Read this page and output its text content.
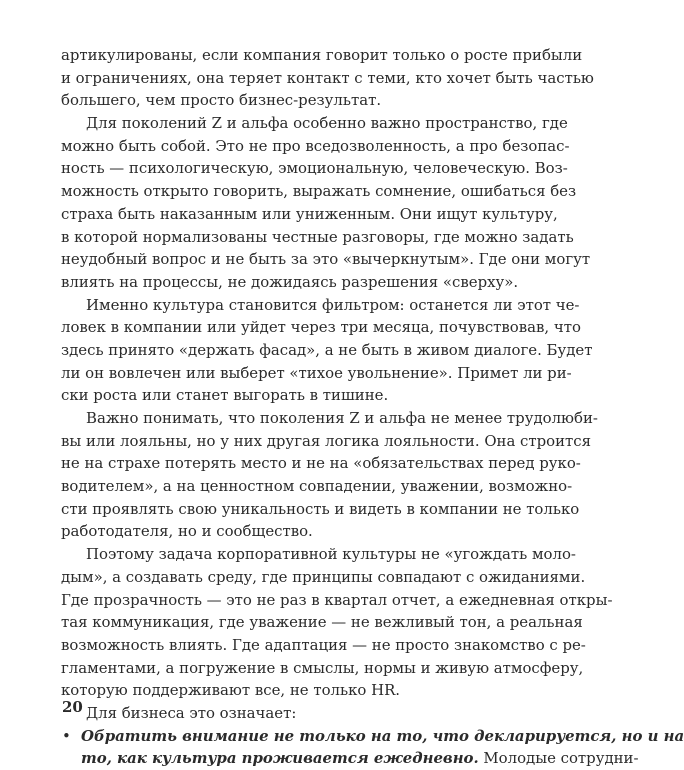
артикулированы, если компания говорит только о росте прибыли
и ограничениях, она теряет контакт с теми, кто хочет быть частью
большего, чем просто бизнес-результат.
Для поколений Z и альфа особенно важно пространство, где
можно быть собой. Это не про вседозволенность, а про безопас-
ность — психологическую, эмоциональную, человеческую. Воз-
можность открыто говорить, выражать сомнение, ошибаться без
страха быть наказанным или униженным. Они ищут культуру,
в которой нормализованы честные разговоры, где можно задать
неудобный вопрос и не быть за это «вычеркнутым». Где они могут
влиять на процессы, не дожидаясь разрешения «сверху».
Именно культура становится фильтром: останется ли этот че-
ловек в компании или уйдет через три месяца, почувствовав, что
здесь принято «держать фасад», а не быть в живом диалоге. Будет
ли он вовлечен или выберет «тихое увольнение». Примет ли ри-
ски роста или станет выгорать в тишине.
Важно понимать, что поколения Z и альфа не менее трудолюби-
вы или лояльны, но у них другая логика лояльности. Она строится
не на страхе потерять место и не на «обязательствах перед руко-
водителем», а на ценностном совпадении, уважении, возможно-
сти проявлять свою уникальность и видеть в компании не только
работодателя, но и сообщество.
Поэтому задача корпоративной культуры не «угождать моло-
дым», а создавать среду, где принципы совпадают с ожиданиями.
Где прозрачность — это не раз в квартал отчет, а ежедневная откры-
тая коммуникация, где уважение — не вежливый тон, а реальная
возможность влиять. Где адаптация — не просто знакомство с ре-
гламентами, а погружение в смыслы, нормы и живую атмосферу,
которую поддерживают все, не только HR.
Для бизнеса это означает:
• Обратить внимание не только на то, что декларируется, но и на
то, как культура проживается ежедневно. Молодые сотрудни-
20
